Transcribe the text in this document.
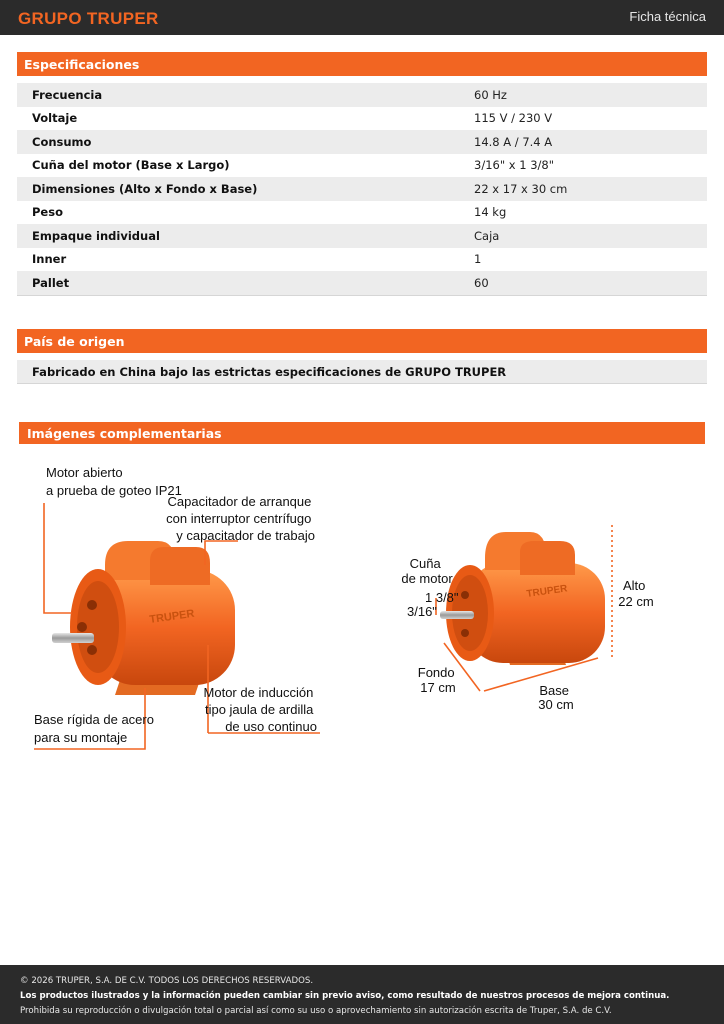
GRUPO TRUPER	Ficha técnica
Especificaciones
Frecuencia	60 Hz
Voltaje	115 V / 230 V
Consumo	14.8 A / 7.4 A
Cuña del motor (Base x Largo)	3/16" x 1 3/8"
Dimensiones (Alto x Fondo x Base)	22 x 17 x 30 cm
Peso	14 kg
Empaque individual	Caja
Inner	1
Pallet	60
País de origen
Fabricado en China bajo las estrictas especificaciones de GRUPO TRUPER
Imágenes complementarias
TRUPER
Motor abierto a prueba de goteo IP21
Capacitador de arranque con interruptor centrífugo y capacitador de trabajo
Motor de inducción tipo jaula de ardilla de uso continuo
Base rígida de acero para su montaje
TRUPER
Cuña de motor
1 3/8"
3/16"
Alto 22 cm
Fondo 17 cm	Base 30 cm
© 2026 TRUPER, S.A. DE C.V. TODOS LOS DERECHOS RESERVADOS.
Los productos ilustrados y la información pueden cambiar sin previo aviso, como resultado de nuestros procesos de mejora continua.
Prohibida su reproducción o divulgación total o parcial así como su uso o aprovechamiento sin autorización escrita de Truper, S.A. de C.V.
